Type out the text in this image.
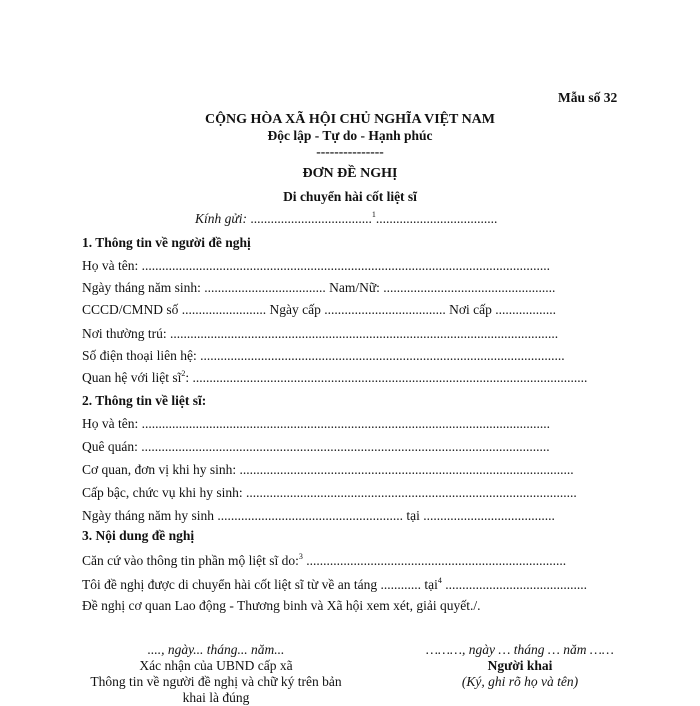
Mẫu số 32
CỘNG HÒA XÃ HỘI CHỦ NGHĨA VIỆT NAM
Độc lập - Tự do - Hạnh phúc
---------------
ĐƠN ĐỀ NGHỊ
Di chuyển hài cốt liệt sĩ
Kính gửi: ....................................$^1$....................................
1. Thông tin về người đề nghị
Họ và tên: .........................................................................................................................
Ngày tháng năm sinh: .................................... Nam/Nữ: ...................................................
CCCD/CMND số ......................... Ngày cấp .................................... Nơi cấp ..................
Nơi thường trú: ...................................................................................................................
Số điện thoại liên hệ: ............................................................................................................
Quan hệ với liệt $sĩ^2$: .....................................................................................................................
2. Thông tin về liệt sĩ:
Họ và tên: .........................................................................................................................
Quê quán: .........................................................................................................................
Cơ quan, đơn vị khi hy sinh: ...................................................................................................
Cấp bậc, chức vụ khi hy sinh: ..................................................................................................
Ngày tháng năm hy sinh ....................................................... tại .......................................
3. Nội dung đề nghị
Căn cứ vào thông tin phần mộ liệt sĩ do:$^3$ .............................................................................
Tôi đề nghị được di chuyển hài cốt liệt sĩ từ về an táng ............ tại$^4$ ..........................................
Đề nghị cơ quan Lao động - Thương binh và Xã hội xem xét, giải quyết./.
...., ngày... tháng... năm...
Xác nhận của UBND cấp xã
Thông tin về người đề nghị và chữ ký trên bản
khai là đúng
………, ngày … tháng … năm ……
Người khai
(Ký, ghi rõ họ và tên)
